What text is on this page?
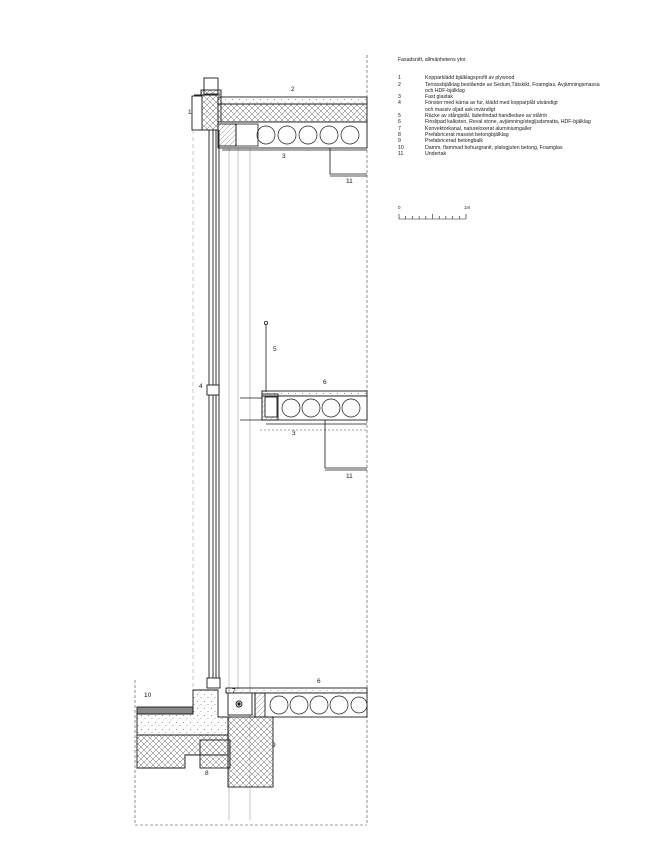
Fasadsnitt, allmänhetens ytor
1	Kopparklädd bjälklagsprofil av plywood
2	Terrassbjälklag bestående av Sedum,Tätskikt, Foamglas, Avjämningsmassa
och HDF-bjälklag
3	Fast glastak
4	Fönster med kärna av fur, klädd med kopparplåt utvändigt
och massiv oljad ask invändigt
5	Räcke av stångstål, läderlindad handledare av stålrör
6	Finslipad kalksten, Reval stone, avjämning/stegljudsmatta, HDF-bjälklag
7	Konvektorkanal, natureloxerat aluminiumgaller
8	Prefabricerat massivt betongbjälklag
9	Prefabricerad betongbalk
10	Damm, flammad bohusgranit, platsgjuten betong, Foamglas
11	Undertak
0	1m
1
2
3
11
5
4
6
3
11
6
10
7
9
8
